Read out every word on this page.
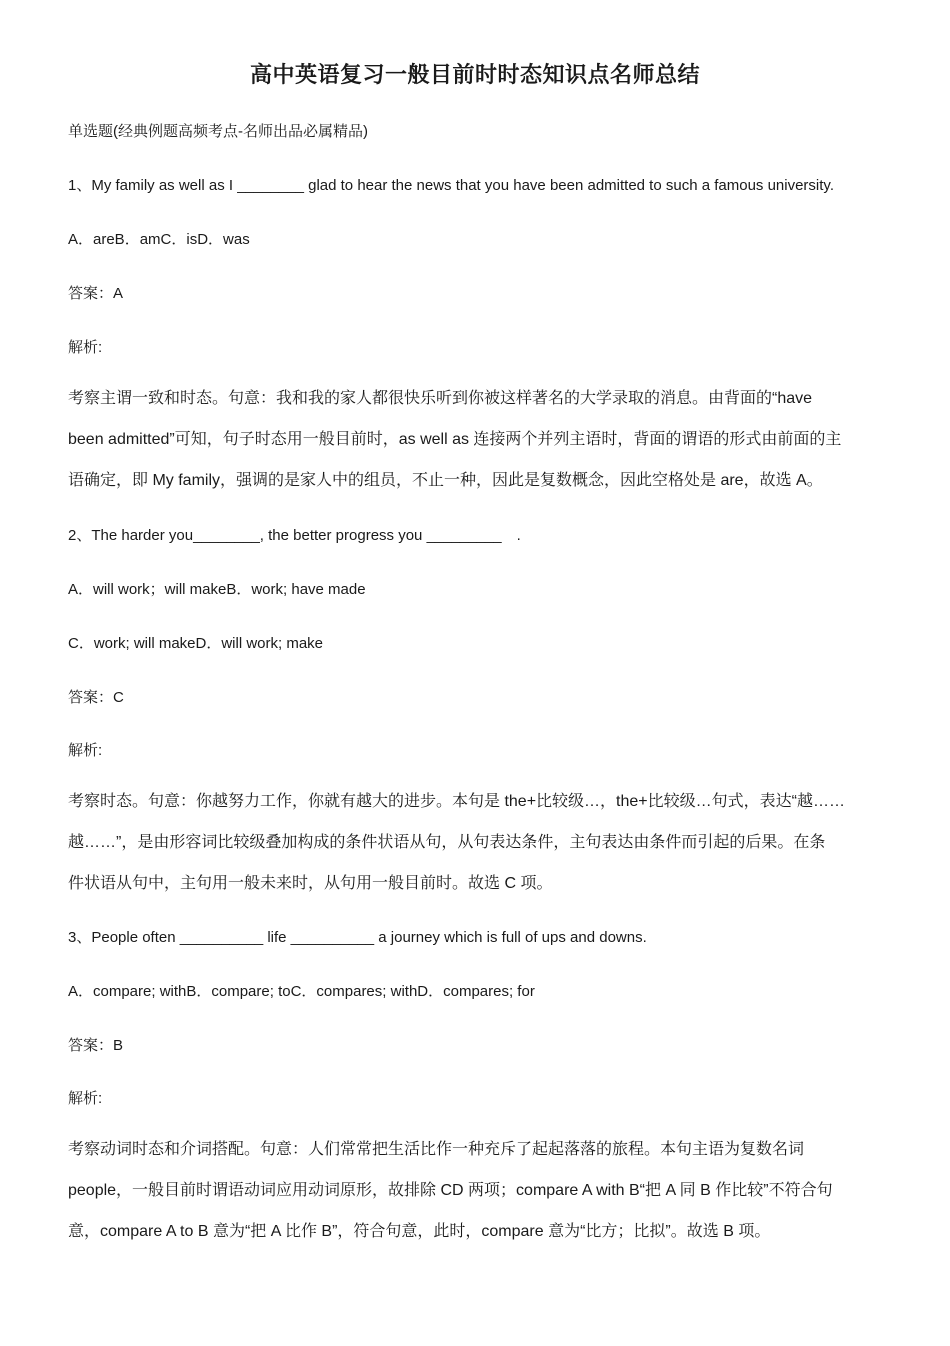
高中英语复习一般目前时时态知识点名师总结
单选题(经典例题高频考点-名师出品必属精品)
1、My family as well as I ________ glad to hear the news that you have been admitted to such a famous university.
A．areB．amC．isD．was
答案：A
解析:
考察主谓一致和时态。句意：我和我的家人都很快乐听到你被这样著名的大学录取的消息。由背面的“have
been admitted”可知，句子时态用一般目前时，as well as 连接两个并列主语时，背面的谓语的形式由前面的主
语确定，即 My family，强调的是家人中的组员，不止一种，因此是复数概念，因此空格处是 are，故选 A。
2、The harder you________, the better progress you _________　.
A．will work；will makeB．work; have made
C．work; will makeD．will work; make
答案：C
解析:
考察时态。句意：你越努力工作，你就有越大的进步。本句是 the+比较级…，the+比较级…句式，表达“越……
越……”，是由形容词比较级叠加构成的条件状语从句，从句表达条件，主句表达由条件而引起的后果。在条
件状语从句中，主句用一般未来时，从句用一般目前时。故选 C 项。
3、People often __________ life __________ a journey which is full of ups and downs.
A．compare; withB．compare; toC．compares; withD．compares; for
答案：B
解析:
考察动词时态和介词搭配。句意：人们常常把生活比作一种充斥了起起落落的旅程。本句主语为复数名词
people，一般目前时谓语动词应用动词原形，故排除 CD 两项；compare A with B“把 A 同 B 作比较”不符合句
意，compare A to B 意为“把 A 比作 B”，符合句意，此时，compare 意为“比方；比拟”。故选 B 项。
